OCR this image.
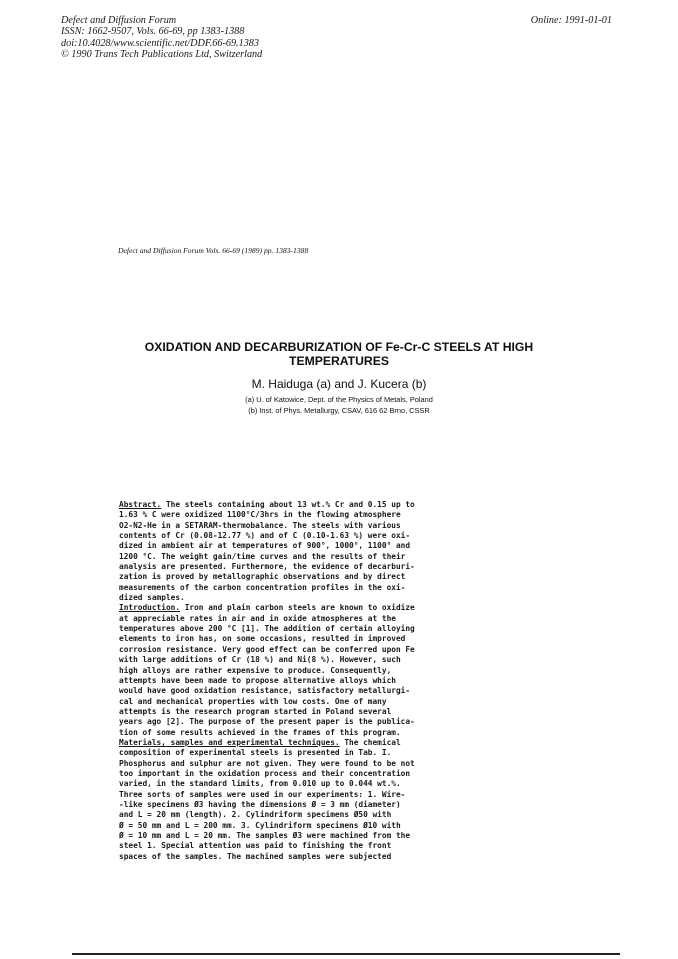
Defect and Diffusion Forum
ISSN: 1662-9507, Vols. 66-69, pp 1383-1388
doi:10.4028/www.scientific.net/DDF.66-69.1383
© 1990 Trans Tech Publications Ltd, Switzerland
Online: 1991-01-01
Defect and Diffusion Forum Vols. 66-69 (1989) pp. 1383-1388
OXIDATION AND DECARBURIZATION OF Fe-Cr-C STEELS AT HIGH TEMPERATURES
M. Haiduga (a) and J. Kucera (b)
(a) U. of Katowice, Dept. of the Physics of Metals, Poland
(b) Inst. of Phys. Metallurgy, CSAV, 616 62 Brno, CSSR
Abstract. The steels containing about 13 wt.% Cr and 0.15 up to
1.63 % C were oxidized 1100°C/3hrs in the flowing atmosphere
O2-N2-He in a SETARAM-thermobalance. The steels with various
contents of Cr (0.08-12.77 %) and of C (0.10-1.63 %) were oxi-
dized in ambient air at temperatures of 900°, 1000°, 1100° and
1200 °C. The weight gain/time curves and the results of their
analysis are presented. Furthermore, the evidence of decarburi-
zation is proved by metallographic observations and by direct
measurements of the carbon concentration profiles in the oxi-
dized samples.
Introduction. Iron and plain carbon steels are known to oxidize
at appreciable rates in air and in oxide atmospheres at the
temperatures above 200 °C [1]. The addition of certain alloying
elements to iron has, on some occasions, resulted in improved
corrosion resistance. Very good effect can be conferred upon Fe
with large additions of Cr (18 %) and Ni(8 %). However, such
high alloys are rather expensive to produce. Consequently,
attempts have been made to propose alternative alloys which
would have good oxidation resistance, satisfactory metallurgi-
cal and mechanical properties with low costs. One of many
attempts is the research program started in Poland several
years ago [2]. The purpose of the present paper is the publica-
tion of some results achieved in the frames of this program.
Materials, samples and experimental techniques. The chemical
composition of experimental steels is presented in Tab. I.
Phosphorus and sulphur are not given. They were found to be not
too important in the oxidation process and their concentration
varied, in the standard limits, from 0.010 up to 0.044 wt.%.
Three sorts of samples were used in our experiments: 1. Wire-
-like specimens Ø3 having the dimensions Ø = 3 mm (diameter)
and L = 20 mm (length). 2. Cylindriform specimens Ø50 with
Ø = 50 mm and L = 200 mm. 3. Cylindriform specimens Ø10 with
Ø = 10 mm and L = 20 mm. The samples Ø3 were machined from the
steel 1. Special attention was paid to finishing the front
spaces of the samples. The machined samples were subjected
